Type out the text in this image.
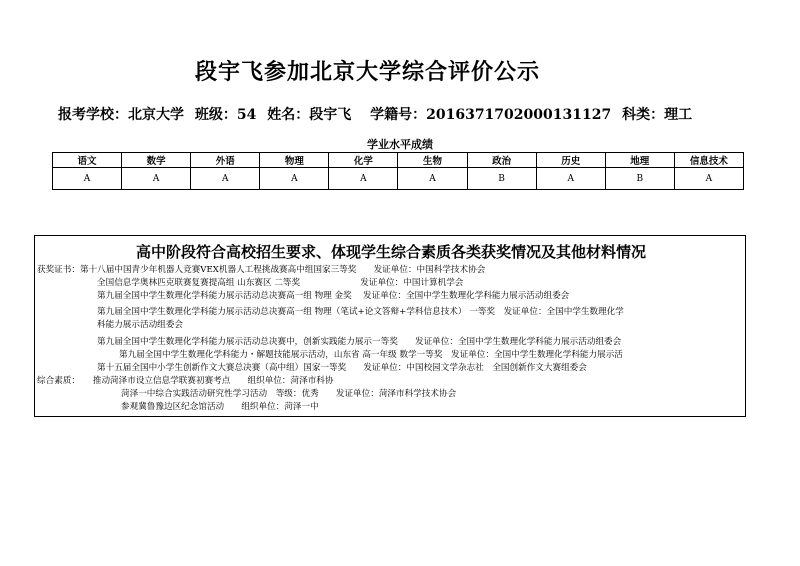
段宇飞参加北京大学综合评价公示
报考学校：北京大学 班级：54 姓名：段宇飞 学籍号：2016371702000131127 科类：理工
学业水平成绩
语文	数学	外语	物理	化学	生物	政治	历史	地理	信息技术
A	A	A	A	A	A	B	A	B	A
高中阶段符合高校招生要求、体现学生综合素质各类获奖情况及其他材料情况
获奖证书：第十八届中国青少年机器人竞赛VEX机器人工程挑战赛高中组国家三等奖　　发证单位：中国科学技术协会
全国信息学奥林匹克联赛复赛提高组 山东赛区 二等奖　　　　　　　发证单位：中国计算机学会
第九届全国中学生数理化学科能力展示活动总决赛高一组 物理 金奖　 发证单位：全国中学生数理化学科能力展示活动组委会
第九届全国中学生数理化学科能力展示活动总决赛高一组 物理（笔试+论文答辩+学科信息技术） 一等奖　发证单位：全国中学生数理化学
科能力展示活动组委会
第九届全国中学生数理化学科能力展示活动总决赛中，创新实践能力展示一等奖　　发证单位：全国中学生数理化学科能力展示活动组委会
第九届全国中学生数理化学科能力・解题技能展示活动，山东省 高一年级 数学一等奖　发证单位：全国中学生数理化学科能力展示活
第十五届全国中小学生创新作文大赛总决赛（高中组）国家一等奖　　发证单位：中国校园文学杂志社　全国创新作文大赛组委会
综合素质：　　推动菏泽市设立信息学联赛初赛考点　　组织单位：菏泽市科协
菏泽一中综合实践活动研究性学习活动　等级：优秀　　发证单位：菏泽市科学技术协会
参观冀鲁豫边区纪念馆活动　　组织单位：菏泽一中
